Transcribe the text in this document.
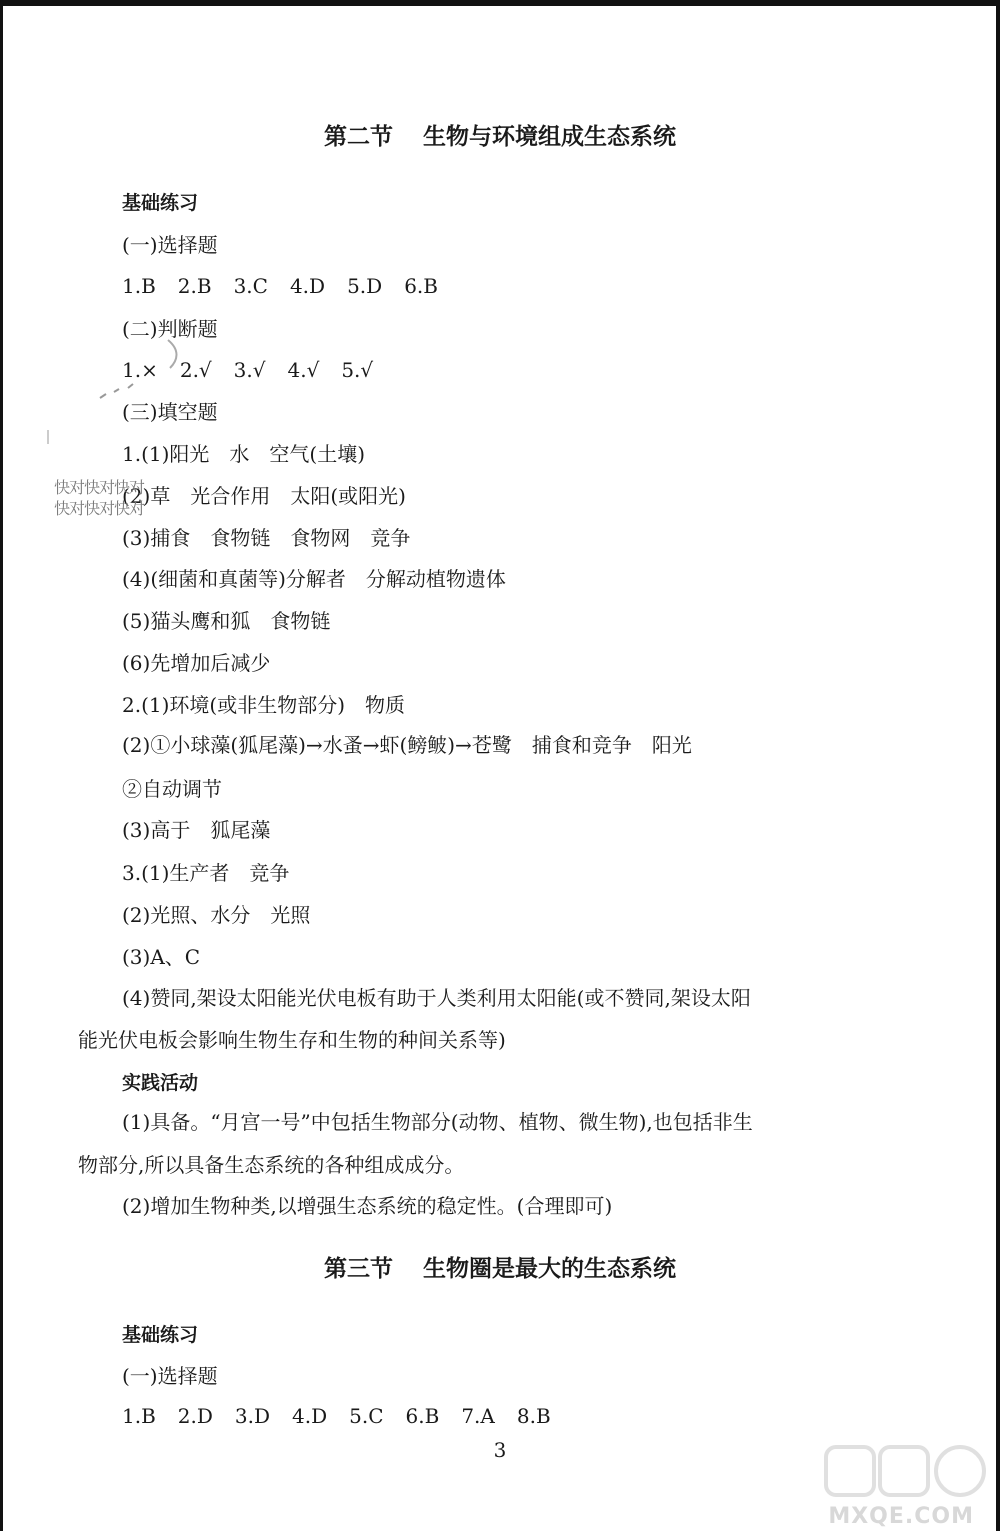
第二节 生物与环境组成生态系统
基础练习
(一)选择题
1.B 2.B 3.C 4.D 5.D 6.B
(二)判断题
1.× 2.√ 3.√ 4.√ 5.√
(三)填空题
1.(1)阳光　水　空气(土壤)
(2)草　光合作用　太阳(或阳光)
(3)捕食　食物链　食物网　竞争
(4)(细菌和真菌等)分解者　分解动植物遗体
(5)猫头鹰和狐　食物链
(6)先增加后减少
2.(1)环境(或非生物部分)　物质
(2)①小球藻(狐尾藻)→水蚤→虾(鳑鲏)→苍鹭　捕食和竞争　阳光
②自动调节
(3)高于　狐尾藻
3.(1)生产者　竞争
(2)光照、水分　光照
(3)A、C
(4)赞同,架设太阳能光伏电板有助于人类利用太阳能(或不赞同,架设太阳
能光伏电板会影响生物生存和生物的种间关系等)
实践活动
(1)具备。“月宫一号”中包括生物部分(动物、植物、微生物),也包括非生
物部分,所以具备生态系统的各种组成成分。
(2)增加生物种类,以增强生态系统的稳定性。(合理即可)
第三节 生物圈是最大的生态系统
基础练习
(一)选择题
1.B 2.D 3.D 4.D 5.C 6.B 7.A 8.B
快对快对快对
快对快对快对
3
MXQE.COM
